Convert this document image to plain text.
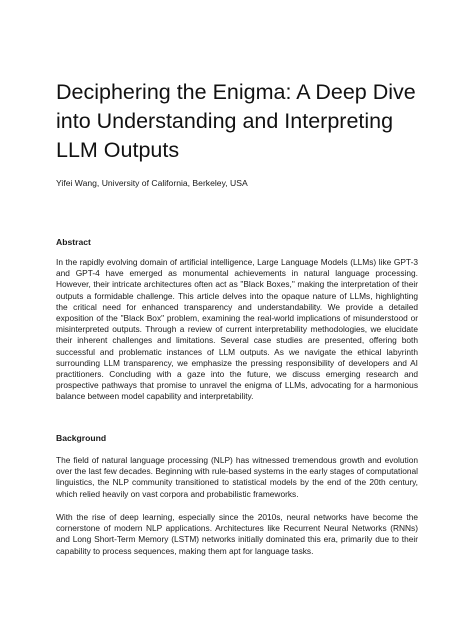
Deciphering the Enigma: A Deep Dive into Understanding and Interpreting LLM Outputs

Yifei Wang, University of California, Berkeley, USA

Abstract

In the rapidly evolving domain of artificial intelligence, Large Language Models (LLMs) like GPT-3 and GPT-4 have emerged as monumental achievements in natural language processing. However, their intricate architectures often act as "Black Boxes," making the interpretation of their outputs a formidable challenge. This article delves into the opaque nature of LLMs, highlighting the critical need for enhanced transparency and understandability. We provide a detailed exposition of the "Black Box" problem, examining the real-world implications of misunderstood or misinterpreted outputs. Through a review of current interpretability methodologies, we elucidate their inherent challenges and limitations. Several case studies are presented, offering both successful and problematic instances of LLM outputs. As we navigate the ethical labyrinth surrounding LLM transparency, we emphasize the pressing responsibility of developers and AI practitioners. Concluding with a gaze into the future, we discuss emerging research and prospective pathways that promise to unravel the enigma of LLMs, advocating for a harmonious balance between model capability and interpretability.

Background

The field of natural language processing (NLP) has witnessed tremendous growth and evolution over the last few decades. Beginning with rule-based systems in the early stages of computational linguistics, the NLP community transitioned to statistical models by the end of the 20th century, which relied heavily on vast corpora and probabilistic frameworks.

With the rise of deep learning, especially since the 2010s, neural networks have become the cornerstone of modern NLP applications. Architectures like Recurrent Neural Networks (RNNs) and Long Short-Term Memory (LSTM) networks initially dominated this era, primarily due to their capability to process sequences, making them apt for language tasks.
